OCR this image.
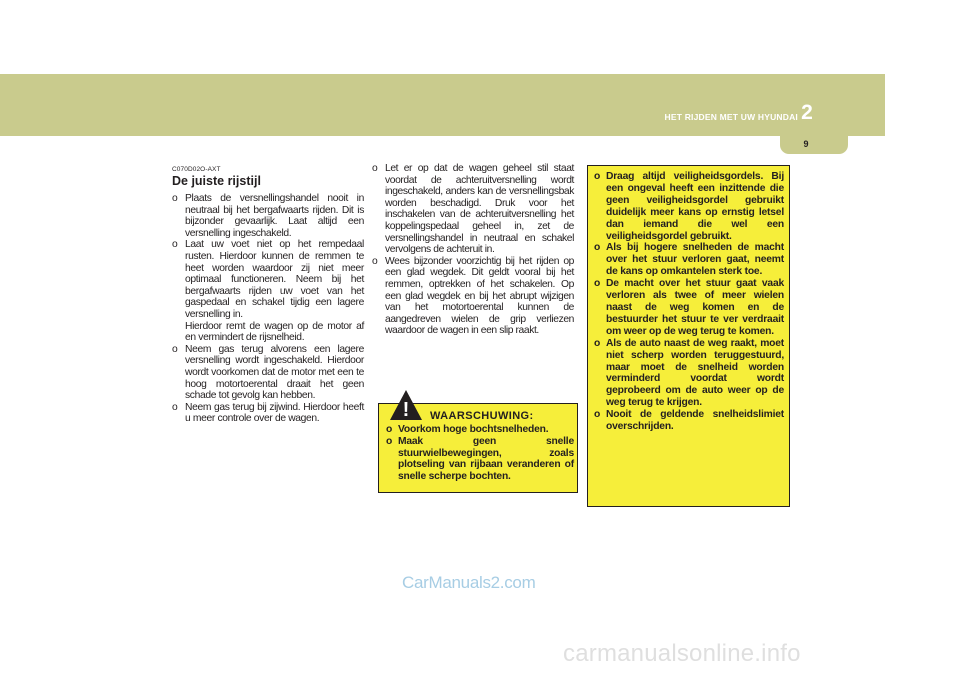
HET RIJDEN MET UW HYUNDAI 2
9
C070D02O-AXT
De juiste rijstijl
o Plaats de versnellingshandel nooit in neutraal bij het bergafwaarts rijden. Dit is bijzonder gevaarlijk. Laat altijd een versnelling ingeschakeld.
o Laat uw voet niet op het rempedaal rusten. Hierdoor kunnen de remmen te heet worden waardoor zij niet meer optimaal functioneren. Neem bij het bergafwaarts rijden uw voet van het gaspedaal en schakel tijdig een lagere versnelling in.
Hierdoor remt de wagen op de motor af en vermindert de rijsnelheid.
o Neem gas terug alvorens een lagere versnelling wordt ingeschakeld. Hierdoor wordt voorkomen dat de motor met een te hoog motortoerental draait het geen schade tot gevolg kan hebben.
o Neem gas terug bij zijwind. Hierdoor heeft u meer controle over de wagen.
o Let er op dat de wagen geheel stil staat voordat de achteruitversnelling wordt ingeschakeld, anders kan de versnellingsbak worden beschadigd. Druk voor het inschakelen van de achteruitversnelling het koppelingspedaal geheel in, zet de versnellingshandel in neutraal en schakel vervolgens de achteruit in.
o Wees bijzonder voorzichtig bij het rijden op een glad wegdek. Dit geldt vooral bij het remmen, optrekken of het schakelen. Op een glad wegdek en bij het abrupt wijzigen van het motortoerental kunnen de aangedreven wielen de grip verliezen waardoor de wagen in een slip raakt.
! WAARSCHUWING:
o Voorkom hoge bochtsnelheden.
o Maak geen snelle stuurwielbewegingen, zoals plotseling van rijbaan veranderen of snelle scherpe bochten.
o Draag altijd veiligheidsgordels. Bij een ongeval heeft een inzittende die geen veiligheidsgordel gebruikt duidelijk meer kans op ernstig letsel dan iemand die wel een veiligheidsgordel gebruikt.
o Als bij hogere snelheden de macht over het stuur verloren gaat, neemt de kans op omkantelen sterk toe.
o De macht over het stuur gaat vaak verloren als twee of meer wielen naast de weg komen en de bestuurder het stuur te ver verdraait om weer op de weg terug te komen.
o Als de auto naast de weg raakt, moet niet scherp worden teruggestuurd, maar moet de snelheid worden verminderd voordat wordt geprobeerd om de auto weer op de weg terug te krijgen.
o Nooit de geldende snelheidslimiet overschrijden.
CarManuals2.com
carmanualsonline.info
